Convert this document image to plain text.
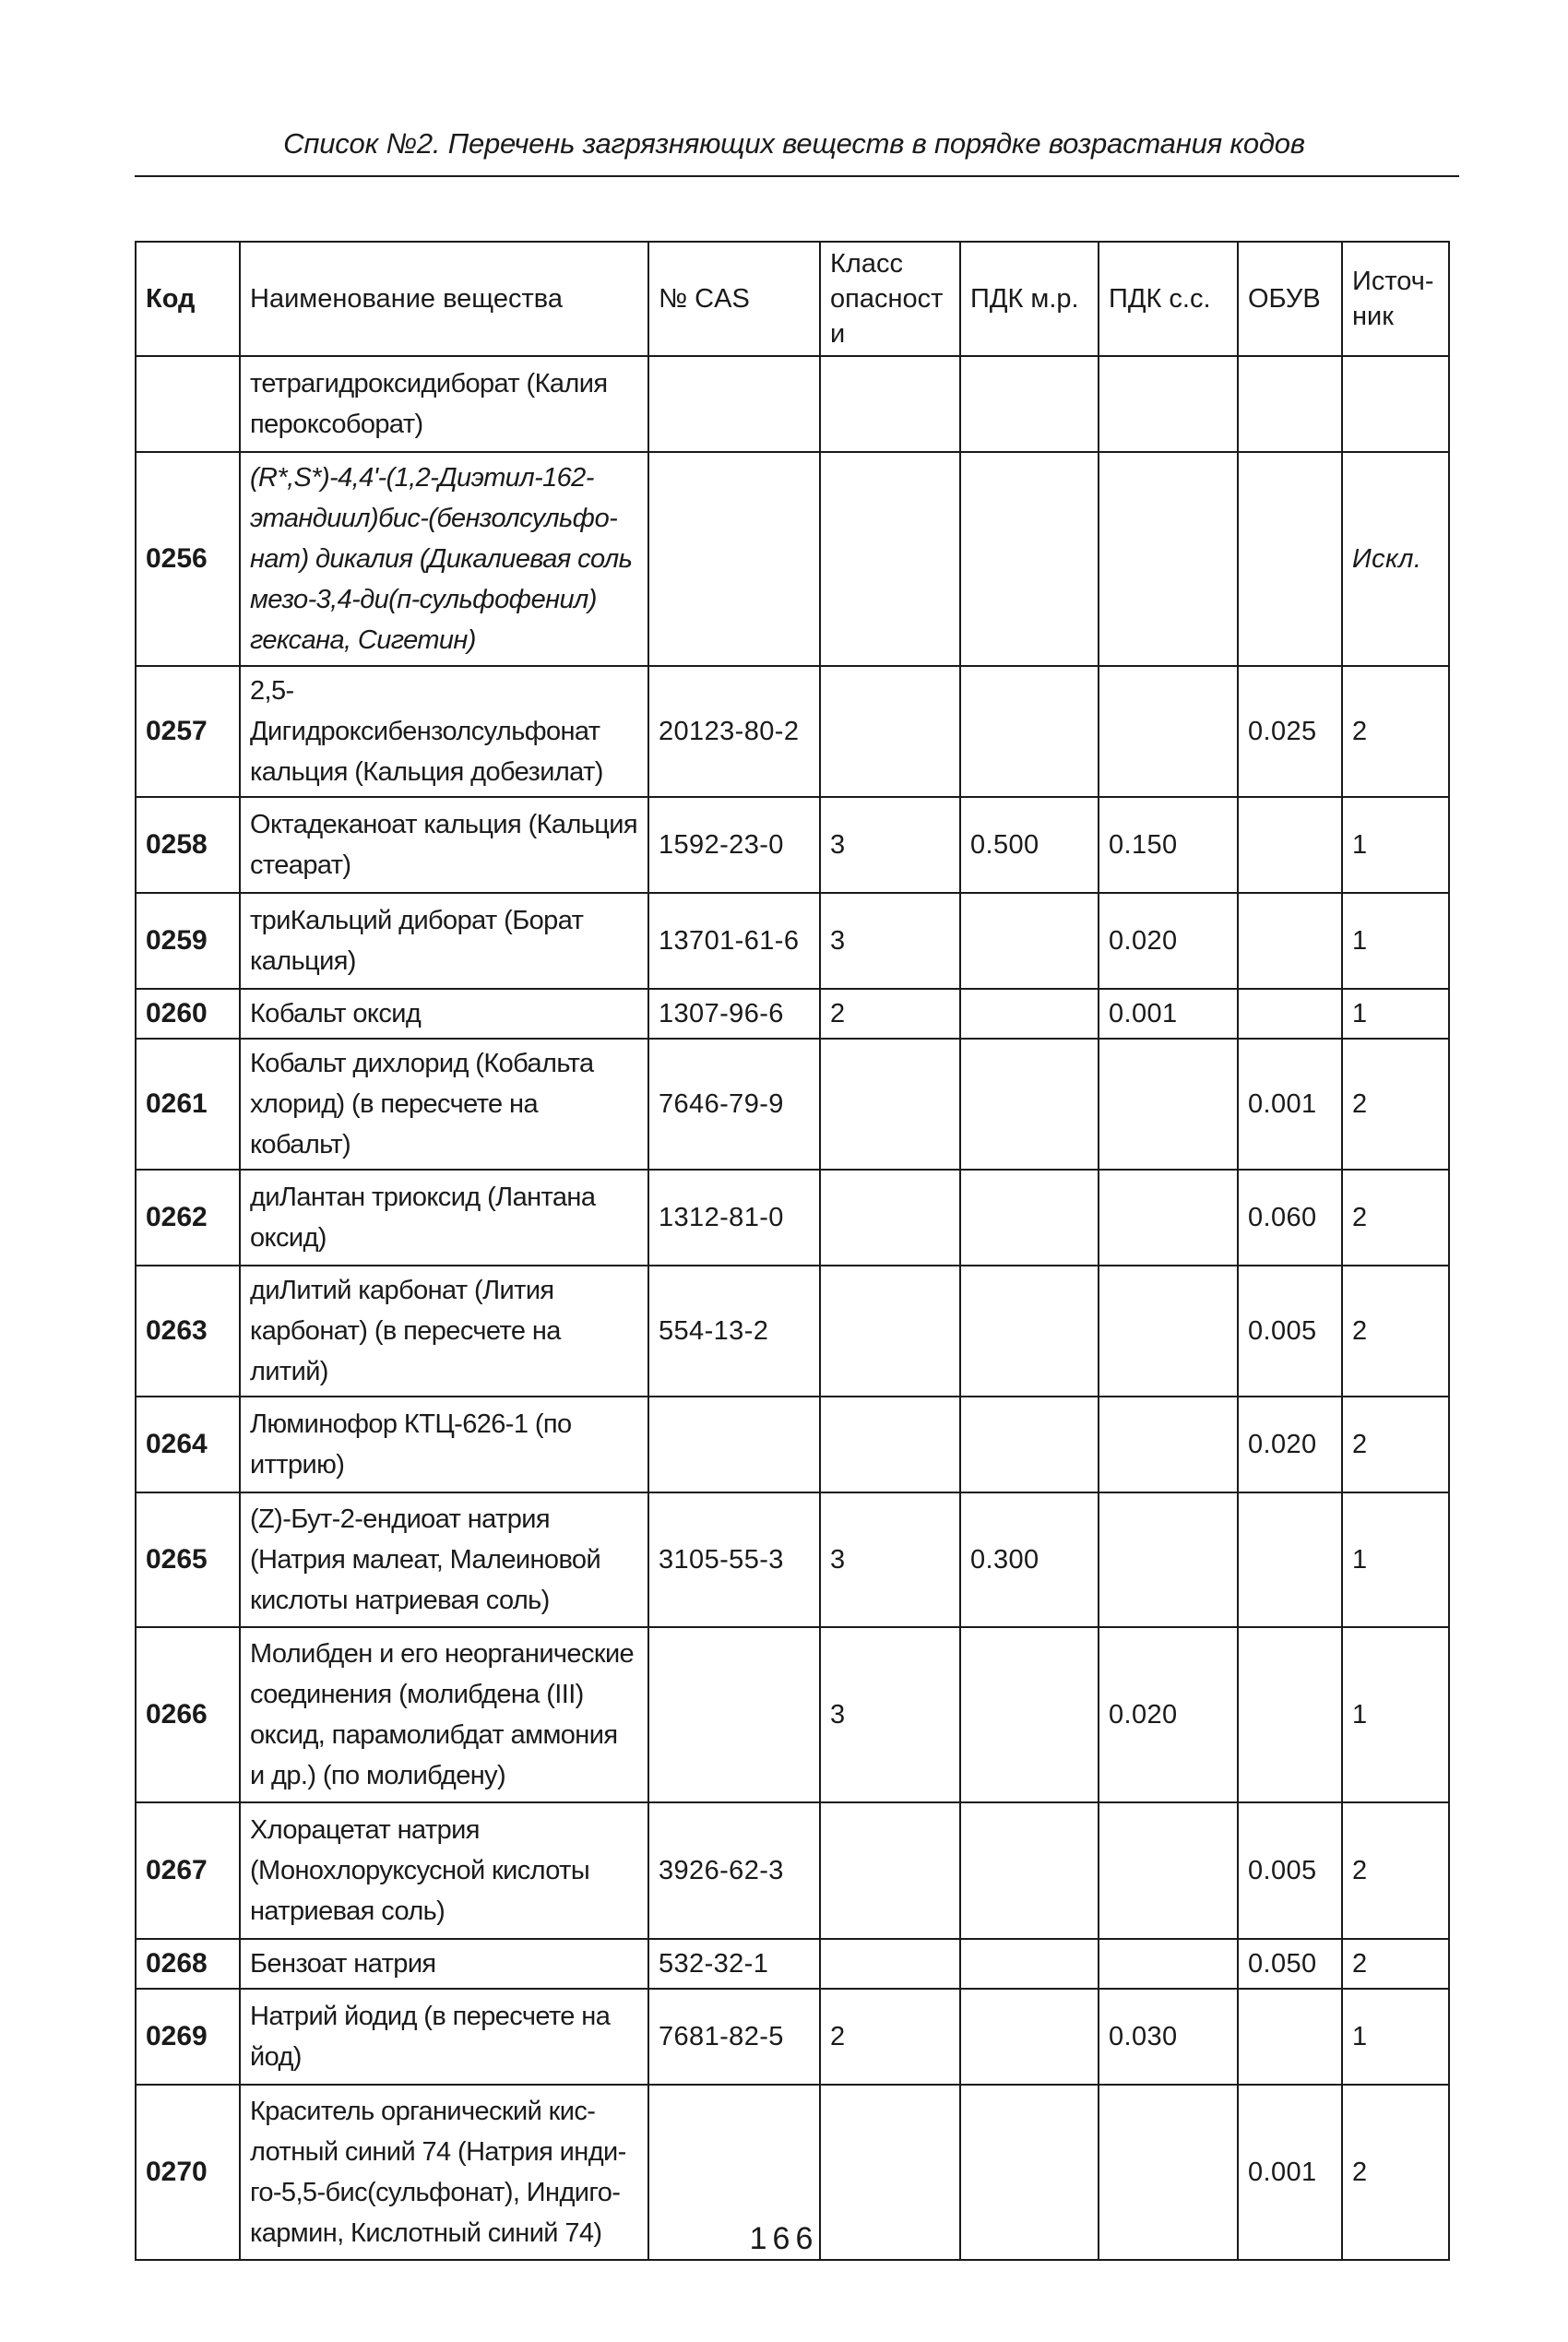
Список №2. Перечень загрязняющих веществ в порядке возрастания кодов
Код	Наименование вещества	№ CAS	Класс опасности	ПДК м.р.	ПДК с.с.	ОБУВ	Источ-ник
	тетрагидроксидиборат (Калия пероксоборат)						
0256	(R*,S*)-4,4'-(1,2-Диэтил-162-этандиил)бис-(бензолсульфо-нат) дикалия (Дикалиевая соль мезо-3,4-ди(п-сульфофенил) гексана, Сигетин)						Искл.
0257	2,5-Дигидроксибензолсульфонат кальция (Кальция добезилат)	20123-80-2				0.025	2
0258	Октадеканоат кальция (Кальция стеарат)	1592-23-0	3	0.500	0.150		1
0259	триКальций диборат (Борат кальция)	13701-61-6	3		0.020		1
0260	Кобальт оксид	1307-96-6	2		0.001		1
0261	Кобальт дихлорид (Кобальта хлорид) (в пересчете на кобальт)	7646-79-9				0.001	2
0262	диЛантан триоксид (Лантана оксид)	1312-81-0				0.060	2
0263	диЛитий карбонат (Лития карбонат) (в пересчете на литий)	554-13-2				0.005	2
0264	Люминофор КТЦ-626-1 (по иттрию)					0.020	2
0265	(Z)-Бут-2-ендиоат натрия (Натрия малеат, Малеиновой кислоты натриевая соль)	3105-55-3	3	0.300			1
0266	Молибден и его неорганические соединения (молибдена (III) оксид, парамолибдат аммония и др.) (по молибдену)		3		0.020		1
0267	Хлорацетат натрия (Монохлоруксусной кислоты натриевая соль)	3926-62-3				0.005	2
0268	Бензоат натрия	532-32-1				0.050	2
0269	Натрий йодид (в пересчете на йод)	7681-82-5	2		0.030		1
0270	Краситель органический кис-лотный синий 74 (Натрия инди-го-5,5-бис(сульфонат), Индиго-кармин, Кислотный синий 74)					0.001	2
166
